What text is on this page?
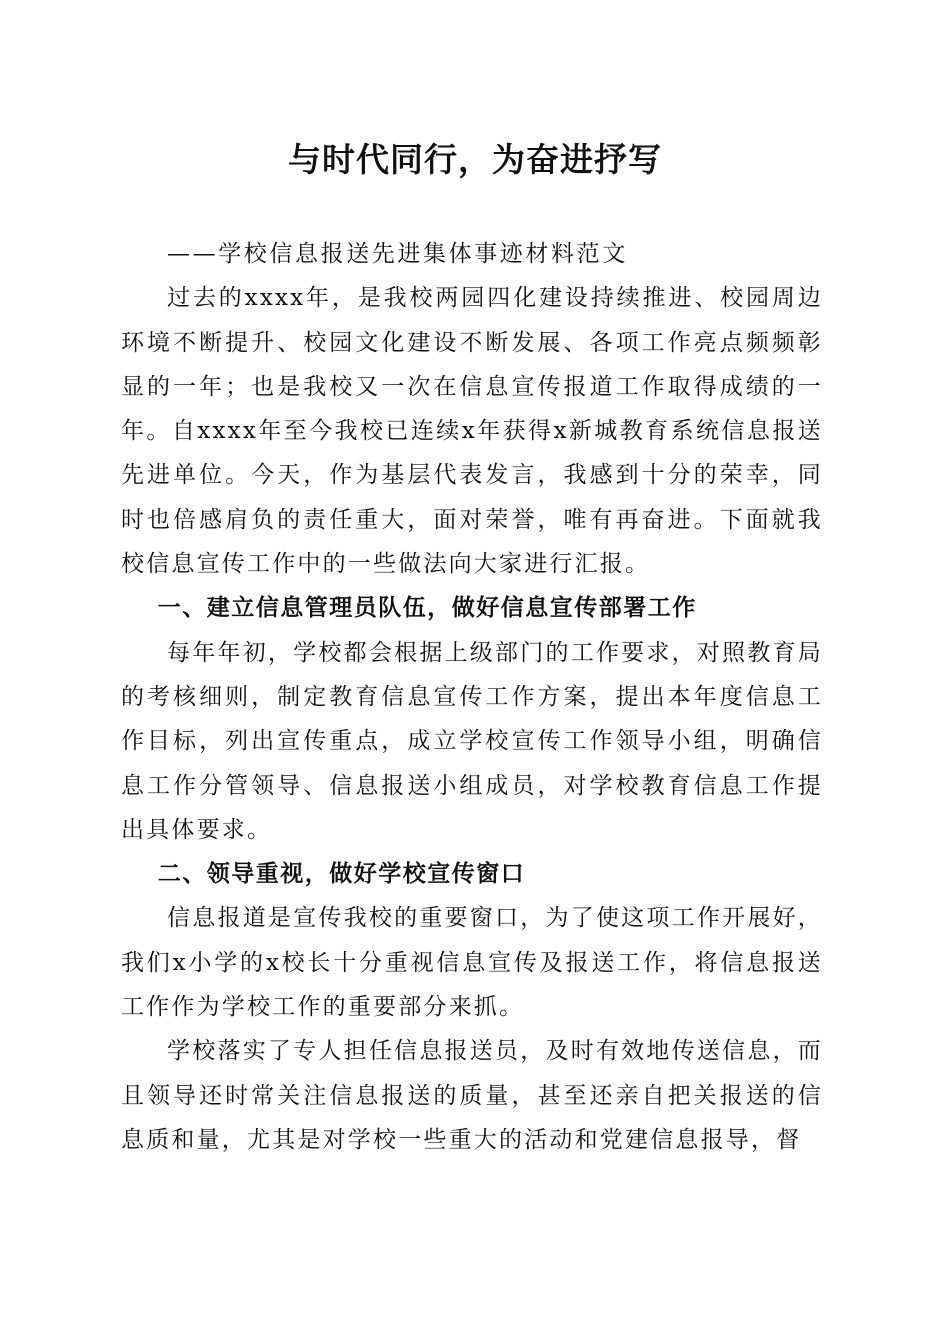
与时代同行，为奋进抒写

——学校信息报送先进集体事迹材料范文

过去的xxxx年，是我校两园四化建设持续推进、校园周边环境不断提升、校园文化建设不断发展、各项工作亮点频频彰显的一年；也是我校又一次在信息宣传报道工作取得成绩的一年。自xxxx年至今我校已连续x年获得x新城教育系统信息报送先进单位。今天，作为基层代表发言，我感到十分的荣幸，同时也倍感肩负的责任重大，面对荣誉，唯有再奋进。下面就我校信息宣传工作中的一些做法向大家进行汇报。

一、建立信息管理员队伍，做好信息宣传部署工作

每年年初，学校都会根据上级部门的工作要求，对照教育局的考核细则，制定教育信息宣传工作方案，提出本年度信息工作目标，列出宣传重点，成立学校宣传工作领导小组，明确信息工作分管领导、信息报送小组成员，对学校教育信息工作提出具体要求。

二、领导重视，做好学校宣传窗口

信息报道是宣传我校的重要窗口，为了使这项工作开展好，我们x小学的x校长十分重视信息宣传及报送工作，将信息报送工作作为学校工作的重要部分来抓。

学校落实了专人担任信息报送员，及时有效地传送信息，而且领导还时常关注信息报送的质量，甚至还亲自把关报送的信息质和量，尤其是对学校一些重大的活动和党建信息报导，督
